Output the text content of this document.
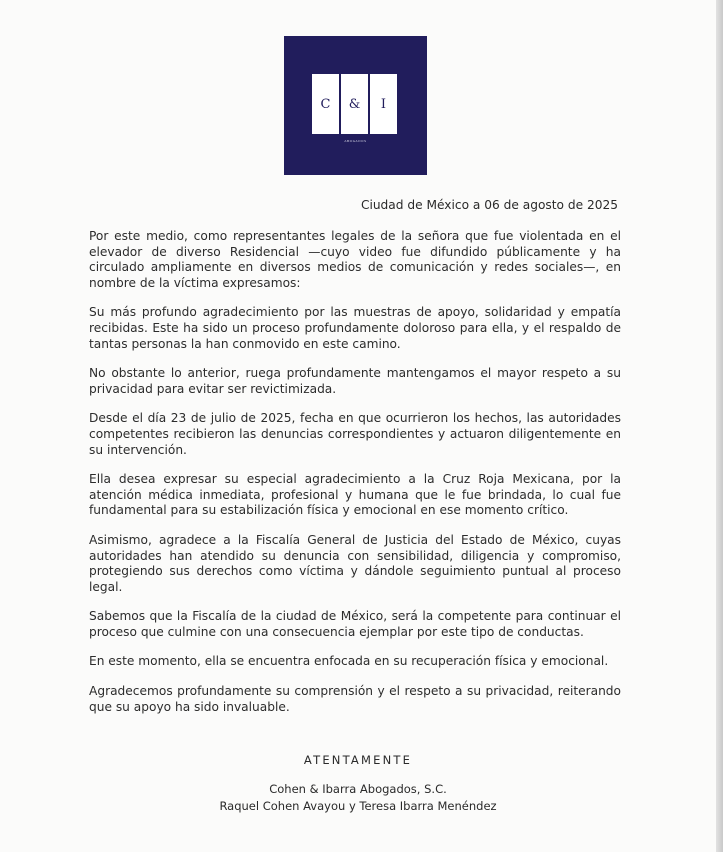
C	&	I
ABOGADOS
Ciudad de México a 06 de agosto de 2025

Por este medio, como representantes legales de la señora que fue violentada en el elevador de diverso Residencial —cuyo video fue difundido públicamente y ha circulado ampliamente en diversos medios de comunicación y redes sociales—, en nombre de la víctima expresamos:

Su más profundo agradecimiento por las muestras de apoyo, solidaridad y empatía recibidas. Este ha sido un proceso profundamente doloroso para ella, y el respaldo de tantas personas la han conmovido en este camino.

No obstante lo anterior, ruega profundamente mantengamos el mayor respeto a su privacidad para evitar ser revictimizada.

Desde el día 23 de julio de 2025, fecha en que ocurrieron los hechos, las autoridades competentes recibieron las denuncias correspondientes y actuaron diligentemente en su intervención.

Ella desea expresar su especial agradecimiento a la Cruz Roja Mexicana, por la atención médica inmediata, profesional y humana que le fue brindada, lo cual fue fundamental para su estabilización física y emocional en ese momento crítico.

Asimismo, agradece a la Fiscalía General de Justicia del Estado de México, cuyas autoridades han atendido su denuncia con sensibilidad, diligencia y compromiso, protegiendo sus derechos como víctima y dándole seguimiento puntual al proceso legal.

Sabemos que la Fiscalía de la ciudad de México, será la competente para continuar el proceso que culmine con una consecuencia ejemplar por este tipo de conductas.

En este momento, ella se encuentra enfocada en su recuperación física y emocional.

Agradecemos profundamente su comprensión y el respeto a su privacidad, reiterando que su apoyo ha sido invaluable.

ATENTAMENTE
Cohen & Ibarra Abogados, S.C.
Raquel Cohen Avayou y Teresa Ibarra Menéndez
